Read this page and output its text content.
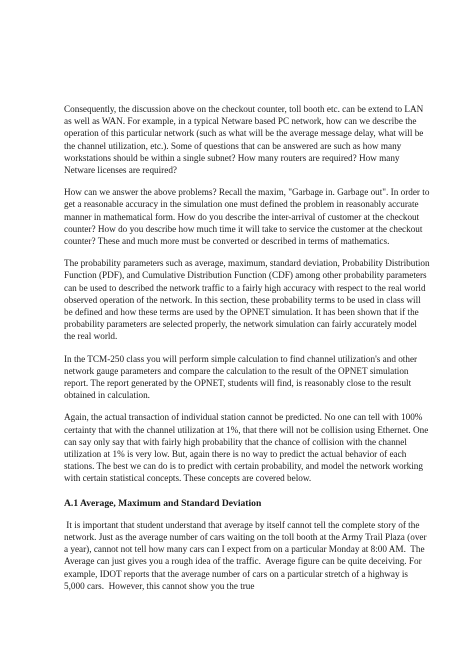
Consequently, the discussion above on the checkout counter, toll booth etc. can be extend to LAN as well as WAN. For example, in a typical Netware based PC network, how can we describe the operation of this particular network (such as what will be the average message delay, what will be the channel utilization, etc.). Some of questions that can be answered are such as how many workstations should be within a single subnet? How many routers are required? How many Netware licenses are required?

How can we answer the above problems? Recall the maxim, "Garbage in. Garbage out". In order to get a reasonable accuracy in the simulation one must defined the problem in reasonably accurate manner in mathematical form. How do you describe the inter-arrival of customer at the checkout counter? How do you describe how much time it will take to service the customer at the checkout counter? These and much more must be converted or described in terms of mathematics.

The probability parameters such as average, maximum, standard deviation, Probability Distribution Function (PDF), and Cumulative Distribution Function (CDF) among other probability parameters can be used to described the network traffic to a fairly high accuracy with respect to the real world observed operation of the network. In this section, these probability terms to be used in class will be defined and how these terms are used by the OPNET simulation. It has been shown that if the probability parameters are selected properly, the network simulation can fairly accurately model the real world.

In the TCM-250 class you will perform simple calculation to find channel utilization's and other network gauge parameters and compare the calculation to the result of the OPNET simulation report. The report generated by the OPNET, students will find, is reasonably close to the result obtained in calculation.

Again, the actual transaction of individual station cannot be predicted. No one can tell with 100% certainty that with the channel utilization at 1%, that there will not be collision using Ethernet. One can say only say that with fairly high probability that the chance of collision with the channel utilization at 1% is very low. But, again there is no way to predict the actual behavior of each stations. The best we can do is to predict with certain probability, and model the network working with certain statistical concepts. These concepts are covered below.

A.1 Average, Maximum and Standard Deviation

It is important that student understand that average by itself cannot tell the complete story of the network. Just as the average number of cars waiting on the toll booth at the Army Trail Plaza (over a year), cannot not tell how many cars can I expect from on a particular Monday at 8:00 AM.  The Average can just gives you a rough idea of the traffic.  Average figure can be quite deceiving. For example, IDOT reports that the average number of cars on a particular stretch of a highway is 5,000 cars.  However, this cannot show you the true
